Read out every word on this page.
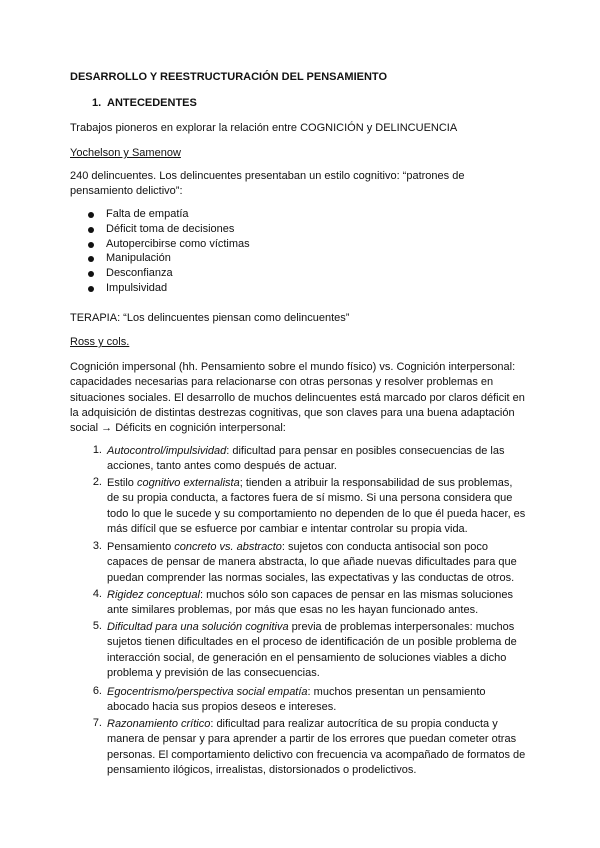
DESARROLLO Y REESTRUCTURACIÓN DEL PENSAMIENTO
1. ANTECEDENTES
Trabajos pioneros en explorar la relación entre COGNICIÓN y DELINCUENCIA
Yochelson y Samenow
240 delincuentes. Los delincuentes presentaban un estilo cognitivo: “patrones de pensamiento delictivo”:
Falta de empatía
Déficit toma de decisiones
Autopercibirse como víctimas
Manipulación
Desconfianza
Impulsividad
TERAPIA: “Los delincuentes piensan como delincuentes”
Ross y cols.
Cognición impersonal (hh. Pensamiento sobre el mundo físico) vs. Cognición interpersonal: capacidades necesarias para relacionarse con otras personas y resolver problemas en situaciones sociales. El desarrollo de muchos delincuentes está marcado por claros déficit en la adquisición de distintas destrezas cognitivas, que son claves para una buena adaptación social → Déficits en cognición interpersonal:
1. Autocontrol/impulsividad: dificultad para pensar en posibles consecuencias de las acciones, tanto antes como después de actuar.
2. Estilo cognitivo externalista; tienden a atribuir la responsabilidad de sus problemas, de su propia conducta, a factores fuera de sí mismo. Si una persona considera que todo lo que le sucede y su comportamiento no dependen de lo que él pueda hacer, es más difícil que se esfuerce por cambiar e intentar controlar su propia vida.
3. Pensamiento concreto vs. abstracto: sujetos con conducta antisocial son poco capaces de pensar de manera abstracta, lo que añade nuevas dificultades para que puedan comprender las normas sociales, las expectativas y las conductas de otros.
4. Rigidez conceptual: muchos sólo son capaces de pensar en las mismas soluciones ante similares problemas, por más que esas no les hayan funcionado antes.
5. Dificultad para una solución cognitiva previa de problemas interpersonales: muchos sujetos tienen dificultades en el proceso de identificación de un posible problema de interacción social, de generación en el pensamiento de soluciones viables a dicho problema y previsión de las consecuencias.
6. Egocentrismo/perspectiva social empatía: muchos presentan un pensamiento abocado hacia sus propios deseos e intereses.
7. Razonamiento crítico: dificultad para realizar autocrítica de su propia conducta y manera de pensar y para aprender a partir de los errores que puedan cometer otras personas. El comportamiento delictivo con frecuencia va acompañado de formatos de pensamiento ilógicos, irrealistas, distorsionados o prodelictivos.
